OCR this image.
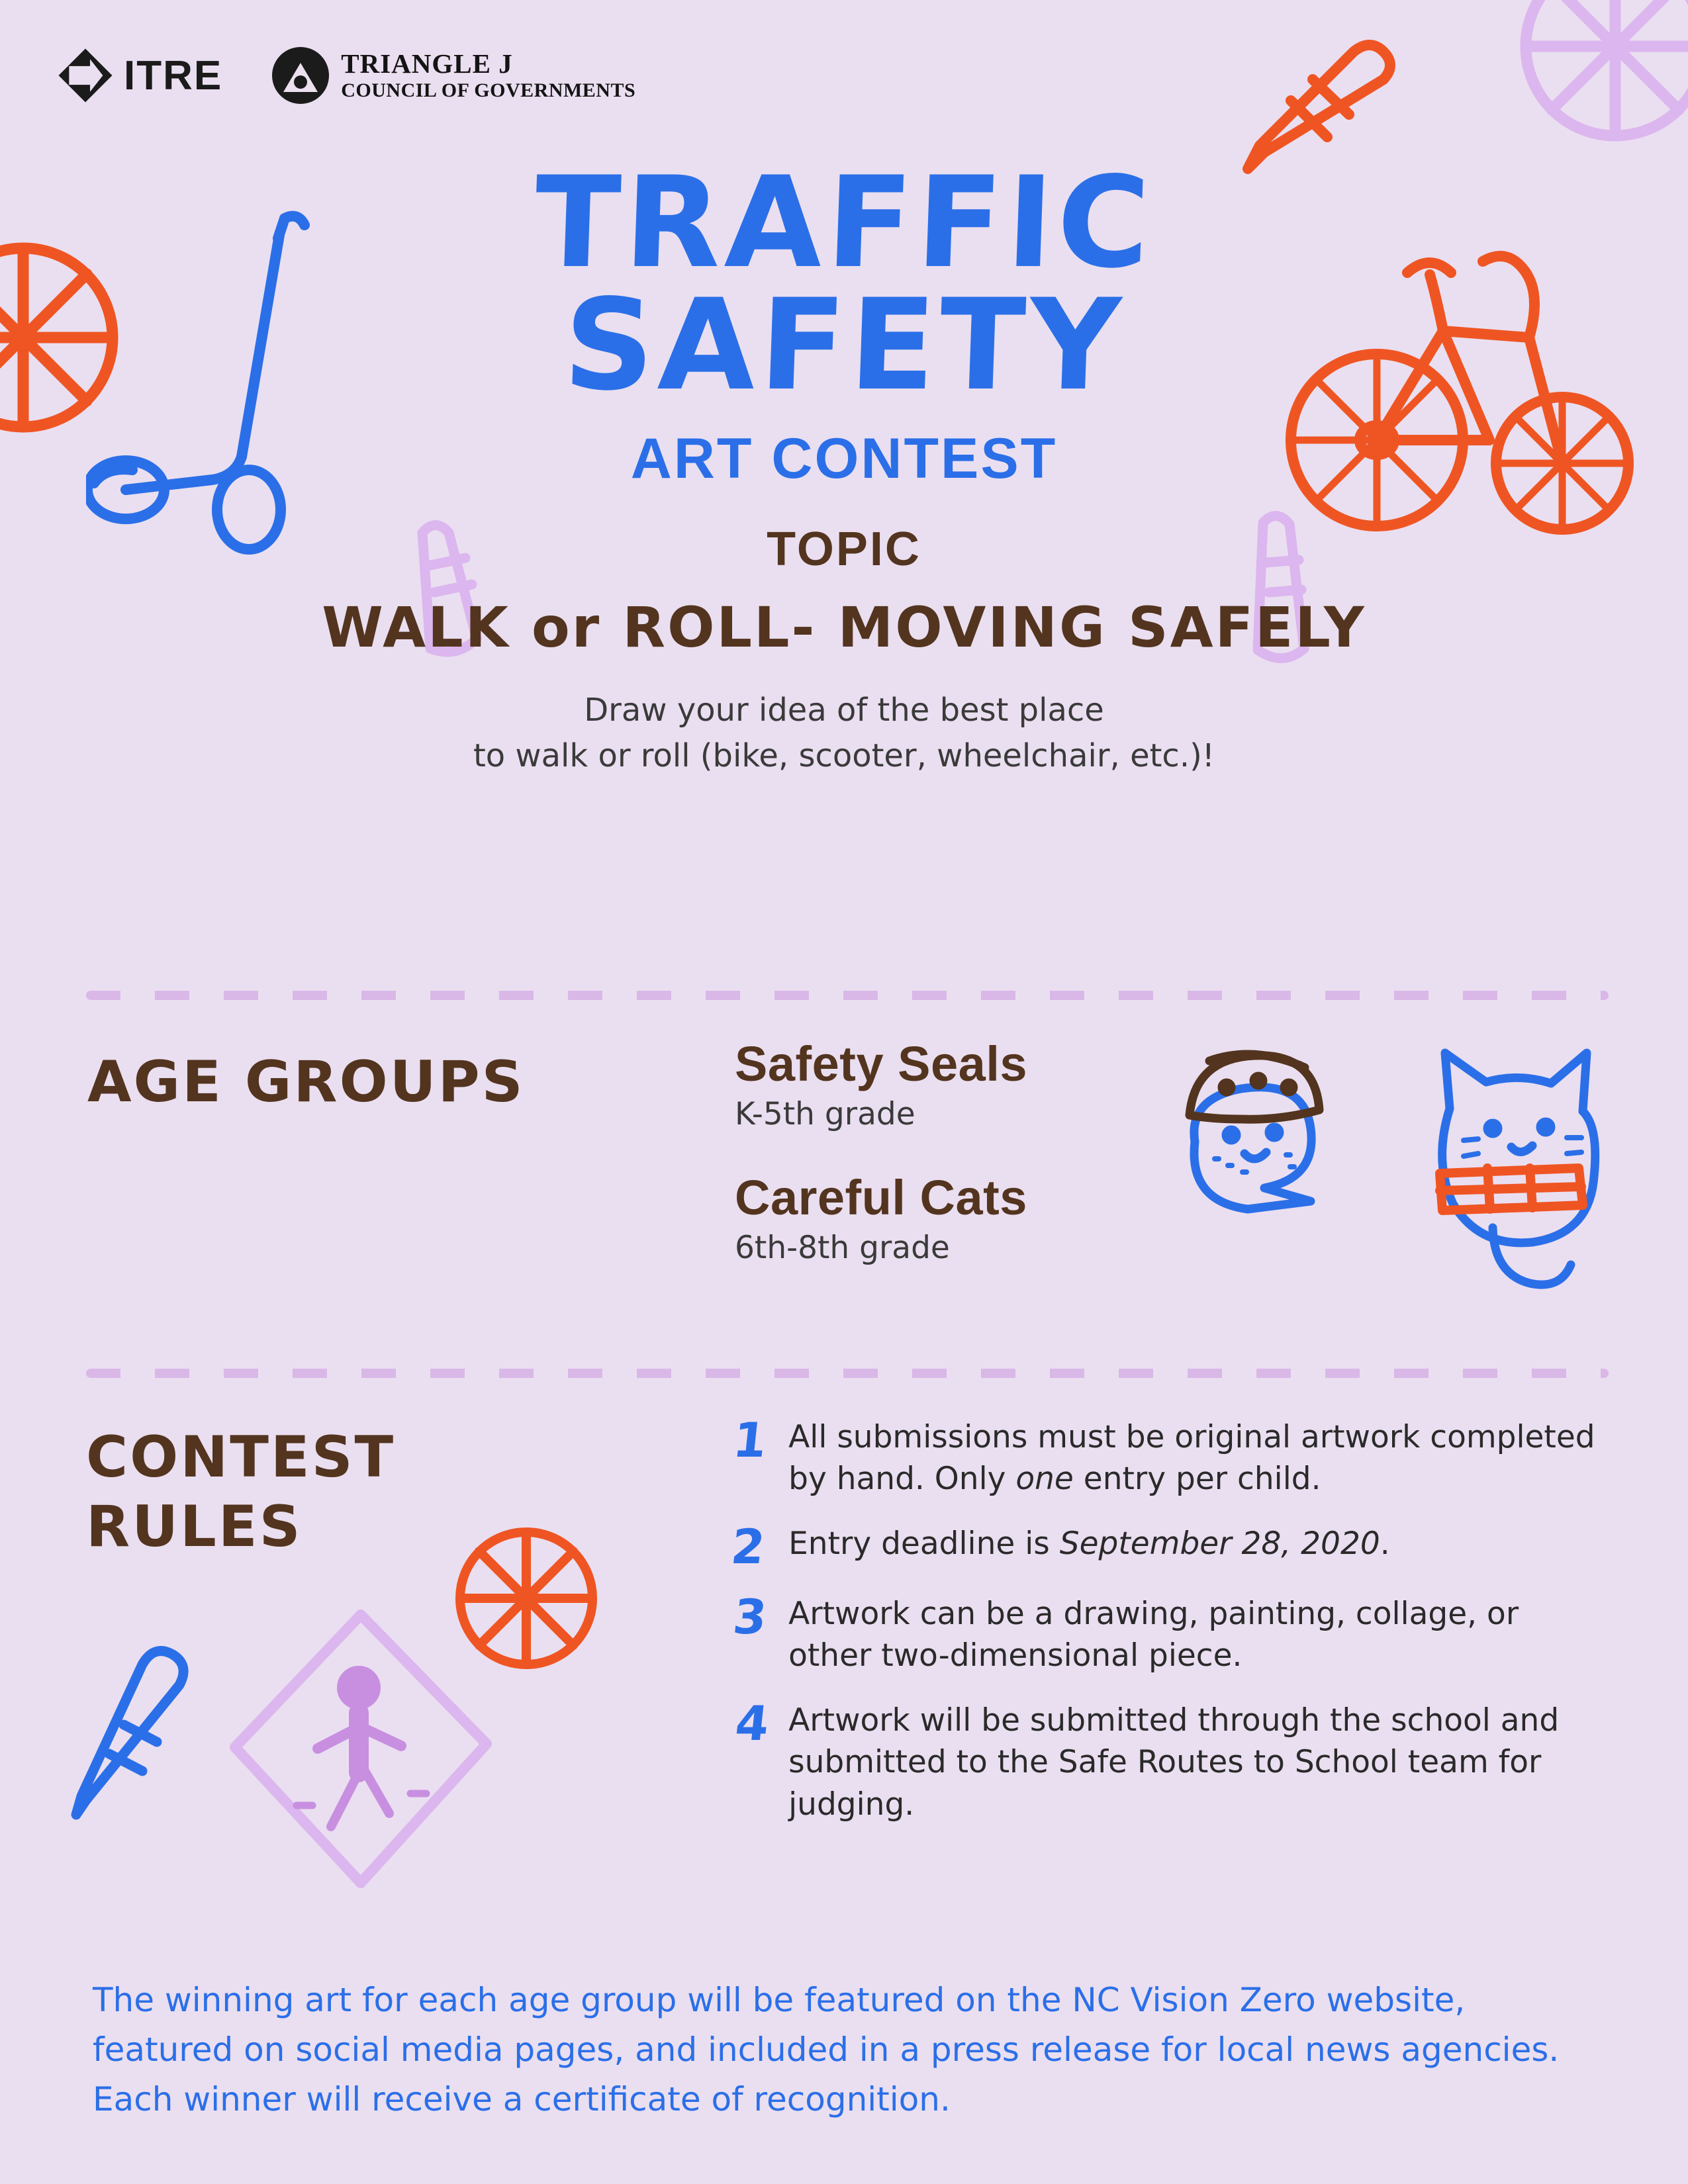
ITRE	TRIANGLE J
COUNCIL OF GOVERNMENTS
TRAFFIC
SAFETY
ART CONTEST
TOPIC
WALK or ROLL- MOVING SAFELY
Draw your idea of the best place
to walk or roll (bike, scooter, wheelchair, etc.)!
AGE GROUPS	Safety Seals
K-5th grade
Careful Cats
6th-8th grade
CONTEST
RULES
1 All submissions must be original artwork completed by hand. Only one entry per child.
2 Entry deadline is September 28, 2020.
3 Artwork can be a drawing, painting, collage, or other two-dimensional piece.
4 Artwork will be submitted through the school and submitted to the Safe Routes to School team for judging.
The winning art for each age group will be featured on the NC Vision Zero website, featured on social media pages, and included in a press release for local news agencies. Each winner will receive a certificate of recognition.
